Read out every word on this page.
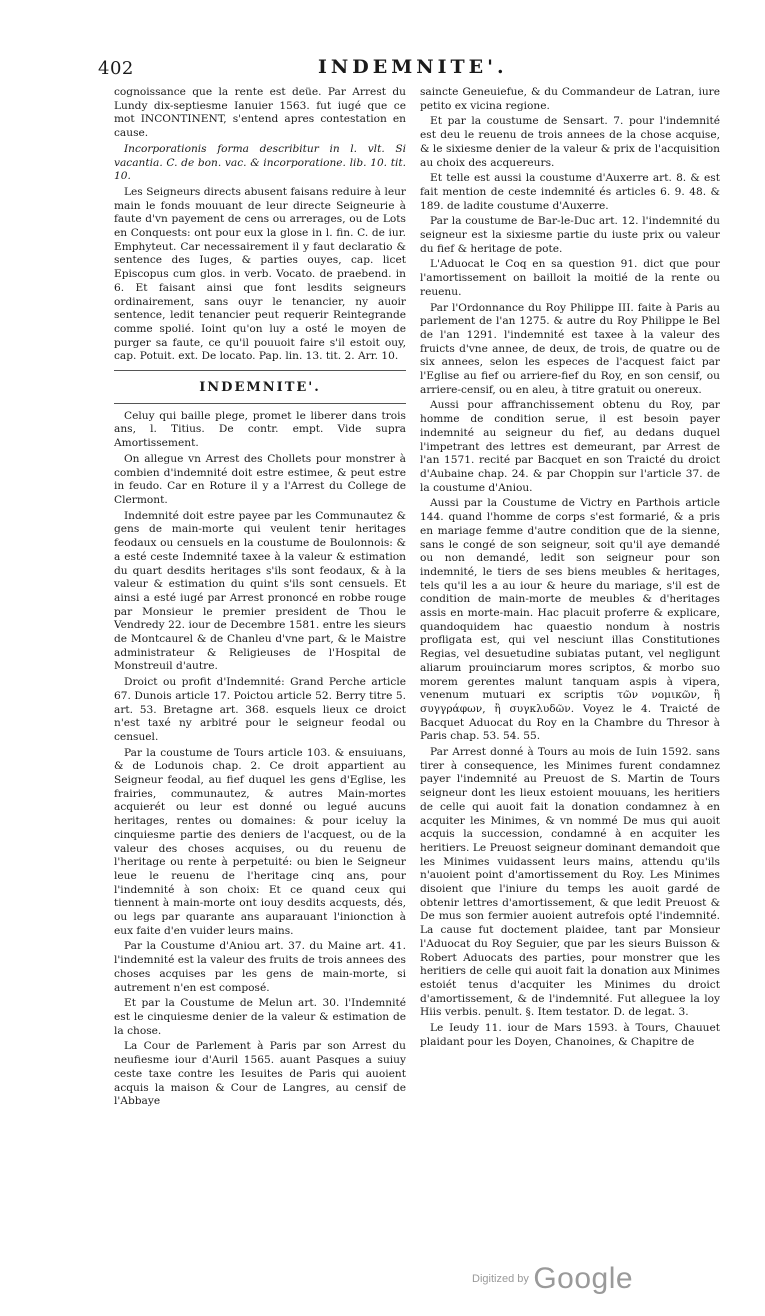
402	INDEMNITE'.

cognoissance que la rente est deüe. Par Arrest du Lundy dix-septiesme Ianuier 1563. fut iugé que ce mot INCONTINENT, s'entend apres contestation en cause.

Incorporationis forma describitur in l. vlt. Si vacantia. C. de bon. vac. & incorporatione. lib. 10. tit. 10.

Les Seigneurs directs abusent faisans reduire à leur main le fonds mouuant de leur directe Seigneurie à faute d'vn payement de cens ou arrerages, ou de Lots en Conquests: ont pour eux la glose in l. fin. C. de iur. Emphyteut. Car necessairement il y faut declaratio & sentence des Iuges, & parties ouyes, cap. licet Episcopus cum glos. in verb. Vocato. de praebend. in 6. Et faisant ainsi que font lesdits seigneurs ordinairement, sans ouyr le tenancier, ny auoir sentence, ledit tenancier peut requerir Reintegrande comme spolié. Ioint qu'on luy a osté le moyen de purger sa faute, ce qu'il pouuoit faire s'il estoit ouy, cap. Potuit. ext. De locato. Pap. lin. 13. tit. 2. Arr. 10.

INDEMNITE'.

Celuy qui baille plege, promet le liberer dans trois ans, l. Titius. De contr. empt. Vide supra Amortissement.

On allegue vn Arrest des Chollets pour monstrer à combien d'indemnité doit estre estimee, & peut estre in feudo. Car en Roture il y a l'Arrest du College de Clermont.

Indemnité doit estre payee par les Communautez & gens de main-morte qui veulent tenir heritages feodaux ou censuels en la coustume de Boulonnois: & a esté ceste Indemnité taxee à la valeur & estimation du quart desdits heritages s'ils sont feodaux, & à la valeur & estimation du quint s'ils sont censuels. Et ainsi a esté iugé par Arrest prononcé en robbe rouge par Monsieur le premier president de Thou le Vendredy 22. iour de Decembre 1581. entre les sieurs de Montcaurel & de Chanleu d'vne part, & le Maistre administrateur & Religieuses de l'Hospital de Monstreuil d'autre.

Droict ou profit d'Indemnité: Grand Perche article 67. Dunois article 17. Poictou article 52. Berry titre 5. art. 53. Bretagne art. 368. esquels lieux ce droict n'est taxé ny arbitré pour le seigneur feodal ou censuel.

Par la coustume de Tours article 103. & ensuiuans, & de Lodunois chap. 2. Ce droit appartient au Seigneur feodal, au fief duquel les gens d'Eglise, les frairies, communautez, & autres Main-mortes acquierét ou leur est donné ou legué aucuns heritages, rentes ou domaines: & pour iceluy la cinquiesme partie des deniers de l'acquest, ou de la valeur des choses acquises, ou du reuenu de l'heritage ou rente à perpetuité: ou bien le Seigneur leue le reuenu de l'heritage cinq ans, pour l'indemnité à son choix: Et ce quand ceux qui tiennent à main-morte ont iouy desdits acquests, dés, ou legs par quarante ans auparauant l'inionction à eux faite d'en vuider leurs mains.

Par la Coustume d'Aniou art. 37. du Maine art. 41. l'indemnité est la valeur des fruits de trois annees des choses acquises par les gens de main-morte, si autrement n'en est composé.

Et par la Coustume de Melun art. 30. l'Indemnité est le cinquiesme denier de la valeur & estimation de la chose.

La Cour de Parlement à Paris par son Arrest du neufiesme iour d'Auril 1565. auant Pasques a suiuy ceste taxe contre les Iesuites de Paris qui auoient acquis la maison & Cour de Langres, au censif de l'Abbaye

saincte Geneuiefue, & du Commandeur de Latran, iure petito ex vicina regione.

Et par la coustume de Sensart. 7. pour l'indemnité est deu le reuenu de trois annees de la chose acquise, & le sixiesme denier de la valeur & prix de l'acquisition au choix des acquereurs.

Et telle est aussi la coustume d'Auxerre art. 8. & est fait mention de ceste indemnité és articles 6. 9. 48. & 189. de ladite coustume d'Auxerre.

Par la coustume de Bar-le-Duc art. 12. l'indemnité du seigneur est la sixiesme partie du iuste prix ou valeur du fief & heritage de pote.

L'Aduocat le Coq en sa question 91. dict que pour l'amortissement on bailloit la moitié de la rente ou reuenu.

Par l'Ordonnance du Roy Philippe III. faite à Paris au parlement de l'an 1275. & autre du Roy Philippe le Bel de l'an 1291. l'indemnité est taxee à la valeur des fruicts d'vne annee, de deux, de trois, de quatre ou de six annees, selon les especes de l'acquest faict par l'Eglise au fief ou arriere-fief du Roy, en son censif, ou arriere-censif, ou en aleu, à titre gratuit ou onereux.

Aussi pour affranchissement obtenu du Roy, par homme de condition serue, il est besoin payer indemnité au seigneur du fief, au dedans duquel l'impetrant des lettres est demeurant, par Arrest de l'an 1571. recité par Bacquet en son Traicté du droict d'Aubaine chap. 24. & par Choppin sur l'article 37. de la coustume d'Aniou.

Aussi par la Coustume de Victry en Parthois article 144. quand l'homme de corps s'est formarié, & a pris en mariage femme d'autre condition que de la sienne, sans le congé de son seigneur, soit qu'il aye demandé ou non demandé, ledit son seigneur pour son indemnité, le tiers de ses biens meubles & heritages, tels qu'il les a au iour & heure du mariage, s'il est de condition de main-morte de meubles & d'heritages assis en morte-main. Hac placuit proferre & explicare, quandoquidem hac quaestio nondum à nostris profligata est, qui vel nesciunt illas Constitutiones Regias, vel desuetudine subiatas putant, vel negligunt aliarum prouinciarum mores scriptos, & morbo suo morem gerentes malunt tanquam aspis à vipera, venenum mutuari ex scriptis τῶν νομικῶν, ἢ συγγράφων, ἢ συγκλυδῶν. Voyez le 4. Traicté de Bacquet Aduocat du Roy en la Chambre du Thresor à Paris chap. 53. 54. 55.

Par Arrest donné à Tours au mois de Iuin 1592. sans tirer à consequence, les Minimes furent condamnez payer l'indemnité au Preuost de S. Martin de Tours seigneur dont les lieux estoient mouuans, les heritiers de celle qui auoit fait la donation condamnez à en acquiter les Minimes, & vn nommé De mus qui auoit acquis la succession, condamné à en acquiter les heritiers. Le Preuost seigneur dominant demandoit que les Minimes vuidassent leurs mains, attendu qu'ils n'auoient point d'amortissement du Roy. Les Minimes disoient que l'iniure du temps les auoit gardé de obtenir lettres d'amortissement, & que ledit Preuost & De mus son fermier auoient autrefois opté l'indemnité. La cause fut doctement plaidee, tant par Monsieur l'Aduocat du Roy Seguier, que par les sieurs Buisson & Robert Aduocats des parties, pour monstrer que les heritiers de celle qui auoit fait la donation aux Minimes estoiét tenus d'acquiter les Minimes du droict d'amortissement, & de l'indemnité. Fut alleguee la loy Hiis verbis. penult. §. Item testator. D. de legat. 3.

Le Ieudy 11. iour de Mars 1593. à Tours, Chauuet plaidant pour les Doyen, Chanoines, & Chapitre de

Digitized by Google
